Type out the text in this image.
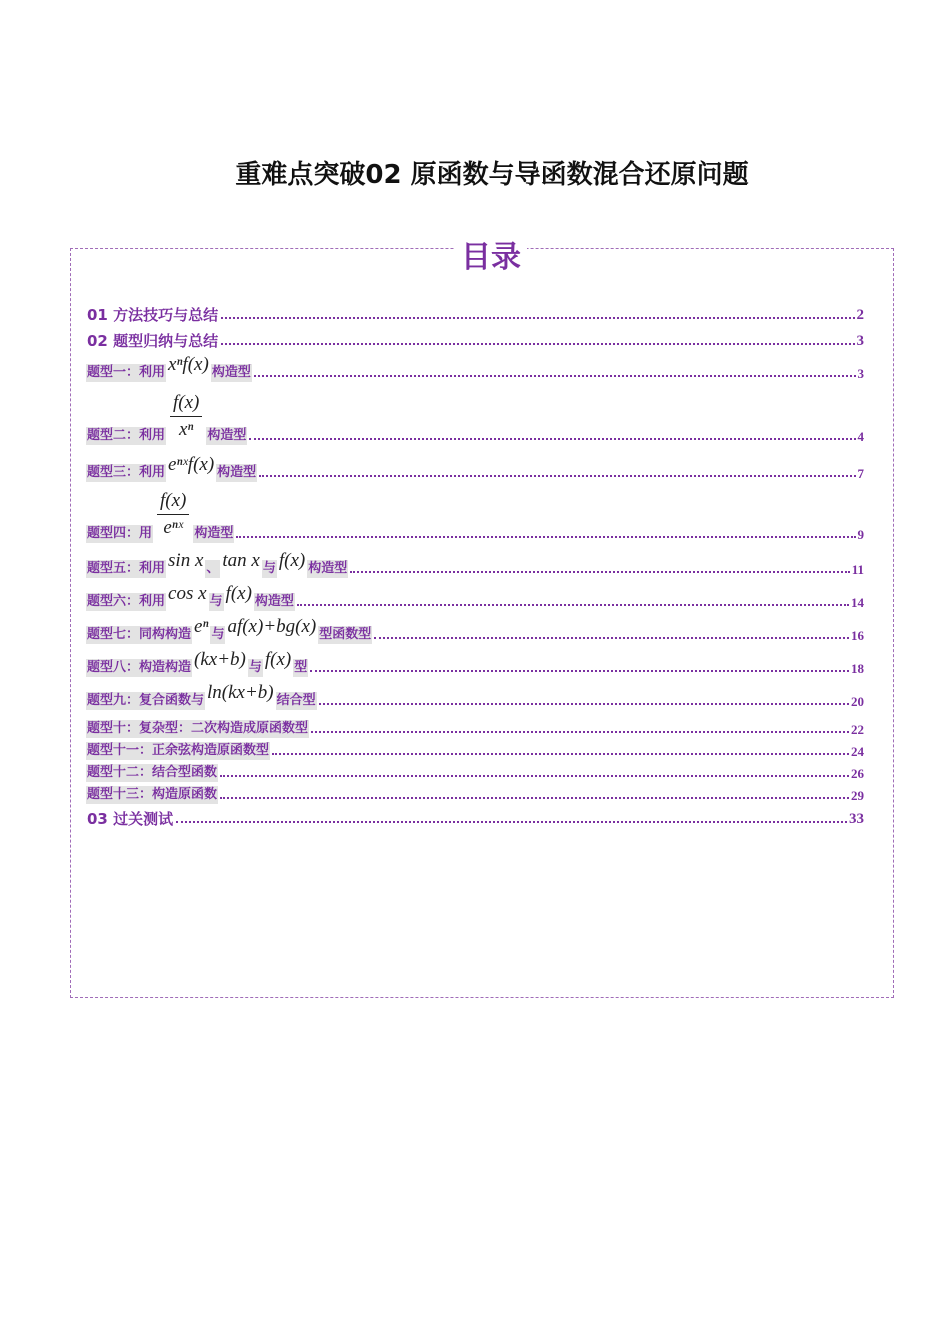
重难点突破02 原函数与导函数混合还原问题
目录
01 方法技巧与总结	2
02 题型归纳与总结	3
题型一：利用 xⁿf(x) 构造型	3
题型二：利用 $\frac{f(x)}{\text{xⁿ}}$ 构造型	4
题型三：利用 eⁿˣf(x) 构造型	7
题型四：用 $\frac{f(x)}{\text{eⁿˣ}}$ 构造型	9
题型五：利用 sin x 、 tan x 与 f(x) 构造型	11
题型六：利用 cos x 与 f(x) 构造型	14
题型七：同构构造 eⁿ 与 af(x)+bg(x) 型函数型	16
题型八：构造构造 (kx+b) 与 f(x) 型	18
题型九：复合函数与 ln(kx+b) 结合型	20
题型十：复杂型：二次构造成原函数型	22
题型十一：正余弦构造原函数型	24
题型十二：结合型函数	26
题型十三：构造原函数	29
03 过关测试	33
